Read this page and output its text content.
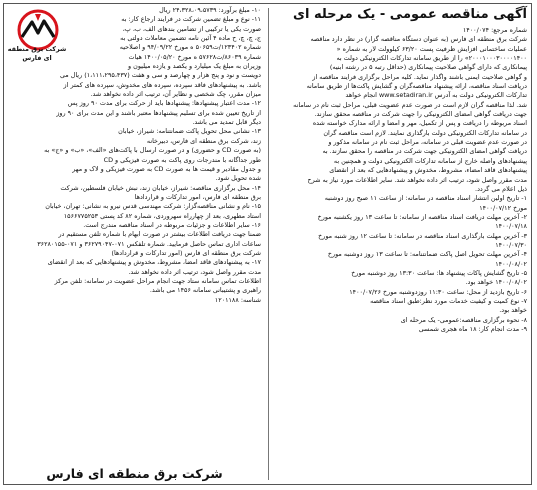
آگهی مناقصه عمومی - یک مرحله ای
شماره مرجع: ۱۴۰۰/۰۷۴
شرکت برق منطقه ای فارس (به عنوان دستگاه مناقصه گزار) در نظر دارد مناقصه
عملیات ساختمانی افزایش ظرفیت پست ۶۳/۲۰ کیلوولت لار به شماره «
۲۰۰۰۱۰۰۰۳۰۰۰۰۱۴۰۰» را از طریق سامانه تدارکات الکترونیکی دولت به
پیمانکاری که دارای گواهی صلاحیت پیمانکاری (حداقل رتبه ۵ در رشته ابنیه)
و گواهی صلاحیت ایمنی باشند واگذار نماید. کلیه مراحل برگزاری فرایند مناقصه از
دریافت اسناد مناقصه، ارائه پیشنهاد مناقصه‌گران و گشایش پاکت‌ها از طریق سامانه
تدارکات الکترونیکی دولت به آدرس www.setadiran.ir انجام خواهد
شد. لذا مناقصه گران لازم است در صورت عدم عضویت قبلی، مراحل ثبت نام در سامانه
جهت دریافت گواهی امضای الکترونیکی را جهت شرکت در مناقصه محقق سازند.
اسناد مربوطه را دریافت و پس از تکمیل، مهر و امضا و ارائه مدارک خواسته شده
در سامانه تدارکات الکترونیکی دولت بارگذاری نمایند. لازم است مناقصه گران
در صورت عدم عضویت قبلی در سامانه، مراحل ثبت نام در سامانه مذکور و
دریافت گواهی امضای الکترونیکی جهت شرکت در مناقصه را محقق سازند. به
پیشنهادهای واصله خارج از سامانه تدارکات الکترونیکی دولت و همچنین به
پیشنهادهای فاقد امضاء، مشروط، مخدوش و پیشنهادهایی که بعد از انقضای
مدت مقرر واصل شود، ترتیب اثر داده نخواهد شد. سایر اطلاعات مورد نیاز به شرح
ذیل اعلام می گردد.
۱- تاریخ اولین انتشار اسناد مناقصه در سامانه: از ساعت ۱۱ صبح روز دوشنبه
مورخ ۱۴۰۰/۰۷/۱۲
۲- آخرین مهلت دریافت اسناد مناقصه از سامانه: تا ساعت ۱۳ روز یکشنبه مورخ
۱۴۰۰/۰۷/۱۸
۳- آخرین مهلت بارگذاری اسناد مناقصه در سامانه: تا ساعت ۱۲ روز شنبه مورخ
۱۴۰۰/۰۷/۳۰
۴- آخرین مهلت تحویل اصل پاکت ضمانتنامه: تا ساعت ۱۳ روز دوشنبه مورخ
۱۴۰۰/۰۸/۰۲
۵- تاریخ گشایش پاکات پیشنهاد ها: ساعت ۱۳:۳۰ روز دوشنبه مورخ
۱۴۰۰/۰۸/۰۲ خواهد بود.
۶- تاریخ بازدید از محل: ساعت ۱۱:۳۰ روزدوشنبه مورخ ۱۴۰۰/۰۷/۲۶
۷- نوع کمیت و کیفیت خدمات مورد نظر:طبق اسناد مناقصه
خواهد بود.
۸- نحوه برگزاری مناقصه:عمومی- یک مرحله ای
۹- مدت انجام کار: ۱۸ ماه هجری شمسی
۱۰- مبلغ برآورد: ۲۴،۳۲۸،۰۹،۵۷۳۹ ریال
۱۱- نوع و مبلغ تضمین شرکت در فرایند ارجاع کار: به
صورت یکی یا ترکیبی از تضامین بندهای الف، ب، پ،
ج، چ، چ، ح ماده ۴ آئین نامه تضمین معاملات دولتی به
شماره ۱۲۳۴۰۲/ت۵۰۶۵۹ ه مورخ ۹۴/۰۹/۲۲ و اصلاحیه
شماره ۸۶۰۳۹/ت۵۷۶۲۸ ه مورخ ۱۴۰۰/۰۵/۲۰ هیات
وزیران به مبلغ یک میلیارد و یکصد و یازده میلیون و
دویست و نود و پنج هزار و چهارصد و سی و هفت (۱،۱۱۱،۲۹۵،۴۳۷) ریال می
باشد. به پیشنهادهای فاقد سپرده، سپرده های مخدوش، سپرده های کمتر از
میزان مقرر، چک شخصی و نظایر آن، ترتیب اثر داده نخواهد شد.
۱۲- مدت اعتبار پیشنهادها: پیشنهادها باید از حرکت برای مدت ۹۰ روز پس
از تاریخ تعیین شده برای تسلیم پیشنهادها معتبر باشند و این مدت برای ۹۰ روز
دیگر قابل تمدید می باشد.
۱۳- نشانی محل تحویل پاکت ضمانتنامه: شیراز، خیابان
زند، شرکت برق منطقه ای فارس، دبیرخانه
(به صورت CD و حضوری) و در صورت ارسال با پاکت‌های «الف»، «ب» و «ج» به
طور جداگانه با مندرجات روی پاکت به صورت فیزیکی و CD
و جدول مقادیر و قیمت ها به صورت CD به صورت فیزیکی و لاک و مهر
شده تحویل شود.
۱۴- محل برگزاری مناقصه: شیراز، خیابان زند، نبش خیابان فلسطین، شرکت
برق منطقه ای فارس، امور تدارکات و قراردادها
۱۵- نام و نشانی مناقصه‌گزار: شرکت مهندسی قدس نیرو به نشانی: تهران، خیابان
استاد مطهری، بعد از چهارراه سهروردی، شماره ۸۲ کد پستی ۱۵۶۶۷۷۵۲۵۳
۱۶- سایر اطلاعات و جزئیات مربوطه در اسناد مناقصه مندرج است.
ضمنا جهت دریافت اطلاعات بیشتر در صورت ابهام با شماره تلفن مستقیم در
ساعات اداری تماس حاصل فرمایید. شماره تلفکس ۰۷۱-۳۶۲۷۹۰۴۷ و ۰۷۱-۳۶۲۸۰۱۵۵
شرکت برق منطقه ای فارس (امور تدارکات و قراردادها)
۱۷- به پیشنهادهای فاقد امضا، مشروط، مخدوش و پیشنهادهایی که بعد از انقضای
مدت مقرر واصل شود، ترتیب اثر داده نخواهد شد.
اطلاعات تماس سامانه ستاد جهت انجام مراحل عضویت در سامانه: تلفن مرکز
راهبری و پشتیبانی سامانه ۱۴۵۶ می باشد.
شناسه: ۱۲۰۱۱۸۸
شرکت برق منطقه ای فارس
شرکت برق منطقه ای فارس
